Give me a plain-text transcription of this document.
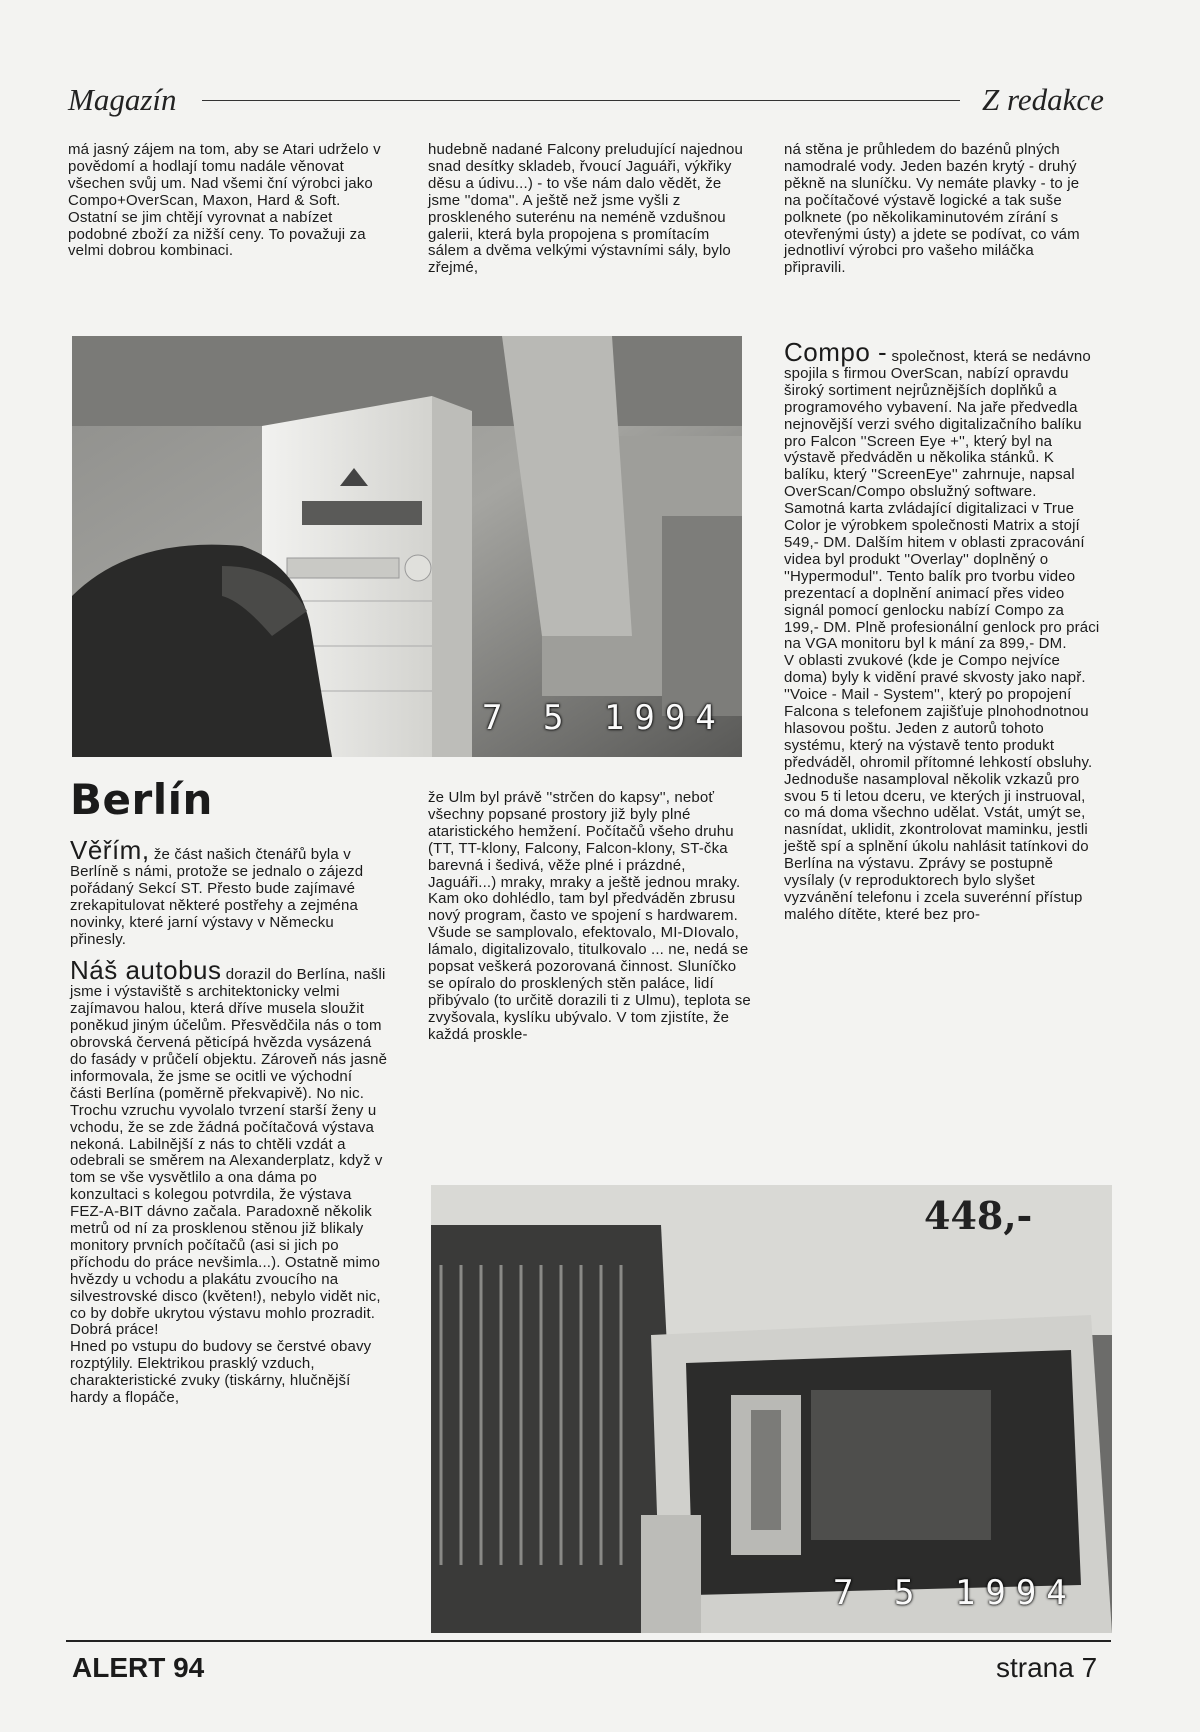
Magazín	Z redakce
má jasný zájem na tom, aby se Atari udrželo v povědomí a hodlají tomu nadále věnovat všechen svůj um. Nad všemi ční výrobci jako Compo+OverScan, Maxon, Hard & Soft. Ostatní se jim chtějí vyrovnat a nabízet podobné zboží za nižší ceny. To považuji za velmi dobrou kombinaci.
hudebně nadané Falcony preludující najednou snad desítky skladeb, řvoucí Jaguáři, výkřiky děsu a údivu...) - to vše nám dalo vědět, že jsme ''doma''. A ještě než jsme vyšli z proskleného suterénu na neméně vzdušnou galerii, která byla propojena s promítacím sálem a dvěma velkými výstavními sály, bylo zřejmé,
ná stěna je průhledem do bazénů plných namodralé vody. Jeden bazén krytý - druhý pěkně na sluníčku. Vy nemáte plavky - to je na počítačové výstavě logické a tak suše polknete (po několikaminutovém zírání s otevřenými ústy) a jdete se podívat, co vám jednotliví výrobci pro vašeho miláčka připravili.
7 5 1994
Compo - společnost, která se nedávno spojila s firmou OverScan, nabízí opravdu široký sortiment nejrůznějších doplňků a programového vybavení. Na jaře předvedla nejnovější verzi svého digitalizačního balíku pro Falcon ''Screen Eye +'', který byl na výstavě předváděn u několika stánků. K balíku, který ''ScreenEye'' zahrnuje, napsal OverScan/Compo obslužný software. Samotná karta zvládající digitalizaci v True Color je výrobkem společnosti Matrix a stojí 549,- DM. Dalším hitem v oblasti zpracování videa byl produkt ''Overlay'' doplněný o ''Hypermodul''. Tento balík pro tvorbu video prezentací a doplnění animací přes video signál pomocí genlocku nabízí Compo za 199,- DM. Plně profesionální genlock pro práci na VGA monitoru byl k mání za 899,- DM.

V oblasti zvukové (kde je Compo nejvíce doma) byly k vidění pravé skvosty jako např. ''Voice - Mail - System'', který po propojení Falcona s telefonem zajišťuje plnohodnotnou hlasovou poštu. Jeden z autorů tohoto systému, který na výstavě tento produkt předváděl, ohromil přítomné lehkostí obsluhy. Jednoduše nasamploval několik vzkazů pro svou 5 ti letou dceru, ve kterých ji instruoval, co má doma všechno udělat. Vstát, umýt se, nasnídat, uklidit, zkontrolovat maminku, jestli ještě spí a splnění úkolu nahlásit tatínkovi do Berlína na výstavu. Zprávy se postupně vysílaly (v reproduktorech bylo slyšet vyzvánění telefonu i zcela suverénní přístup malého dítěte, které bez pro-

Berlín

Věřím, že část našich čtenářů byla v Berlíně s námi, protože se jednalo o zájezd pořádaný Sekcí ST. Přesto bude zajímavé zrekapitulovat některé postřehy a zejména novinky, které jarní výstavy v Německu přinesly.

Náš autobus dorazil do Berlína, našli jsme i výstaviště s architektonicky velmi zajímavou halou, která dříve musela sloužit poněkud jiným účelům. Přesvědčila nás o tom obrovská červená pěticípá hvězda vysázená do fasády v průčelí objektu. Zároveň nás jasně informovala, že jsme se ocitli ve východní části Berlína (poměrně překvapivě). No nic. Trochu vzruchu vyvolalo tvrzení starší ženy u vchodu, že se zde žádná počítačová výstava nekoná. Labilnější z nás to chtěli vzdát a odebrali se směrem na Alexanderplatz, když v tom se vše vysvětlilo a ona dáma po konzultaci s kolegou potvrdila, že výstava FEZ-A-BIT dávno začala. Paradoxně několik metrů od ní za prosklenou stěnou již blikaly monitory prvních počítačů (asi si jich po příchodu do práce nevšimla...). Ostatně mimo hvězdy u vchodu a plakátu zvoucího na silvestrovské disco (květen!), nebylo vidět nic, co by dobře ukrytou výstavu mohlo prozradit. Dobrá práce!

Hned po vstupu do budovy se čerstvé obavy rozptýlily. Elektrikou prasklý vzduch, charakteristické zvuky (tiskárny, hlučnější hardy a flopáče,

že Ulm byl právě ''strčen do kapsy'', neboť všechny popsané prostory již byly plné ataristického hemžení. Počítačů všeho druhu (TT, TT-klony, Falcony, Falcon-klony, ST-čka barevná i šedivá, věže plné i prázdné, Jaguáři...) mraky, mraky a ještě jednou mraky. Kam oko dohlédlo, tam byl předváděn zbrusu nový program, často ve spojení s hardwarem. Všude se samplovalo, efektovalo, MI-DIovalo, lámalo, digitalizovalo, titulkovalo ... ne, nedá se popsat veškerá pozorovaná činnost. Sluníčko se opíralo do prosklených stěn paláce, lidí přibývalo (to určitě dorazili ti z Ulmu), teplota se zvyšovala, kyslíku ubývalo. V tom zjistíte, že každá proskle-
448,-
7 5 1994
ALERT 94	strana 7
